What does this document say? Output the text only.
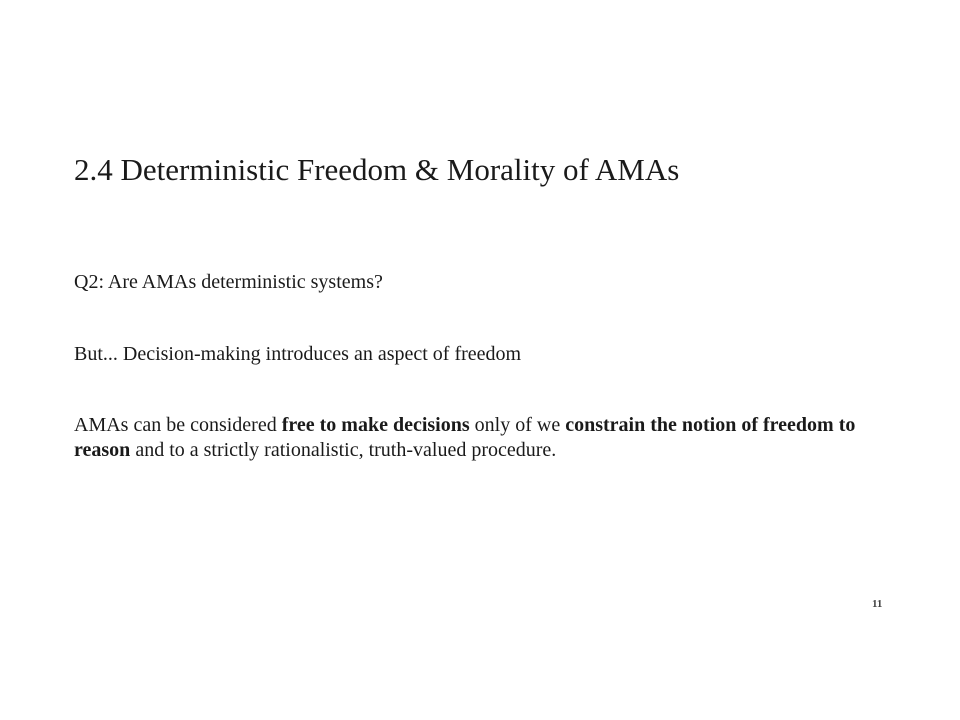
2.4 Deterministic Freedom & Morality of AMAs

Q2: Are AMAs deterministic systems?

But... Decision-making introduces an aspect of freedom

AMAs can be considered free to make decisions only of we constrain the notion of freedom to reason and to a strictly rationalistic, truth-valued procedure.

11
